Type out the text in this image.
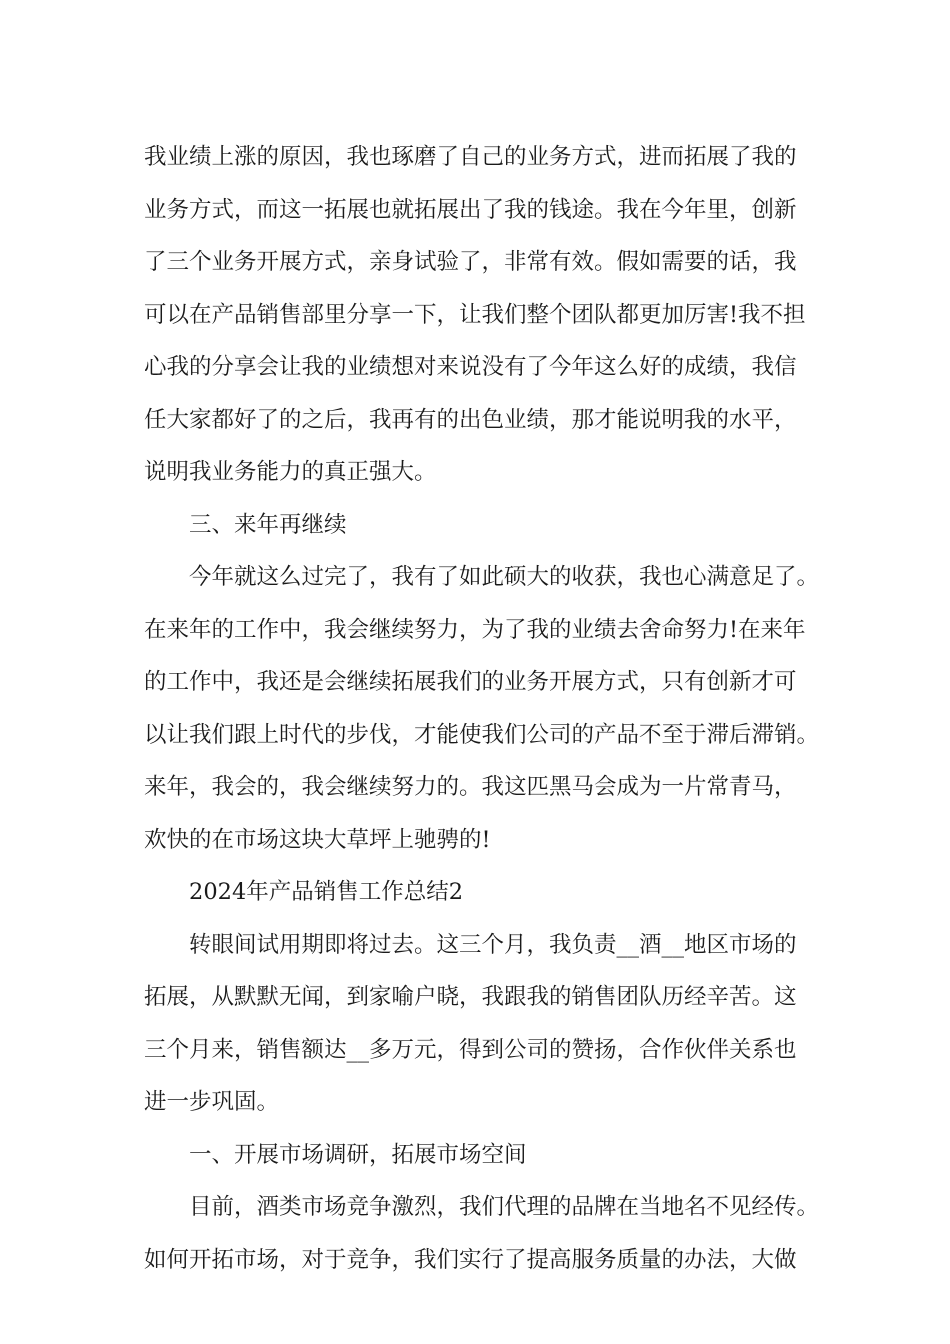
我业绩上涨的原因，我也琢磨了自己的业务方式，进而拓展了我的
业务方式，而这一拓展也就拓展出了我的钱途。我在今年里，创新
了三个业务开展方式，亲身试验了，非常有效。假如需要的话，我
可以在产品销售部里分享一下，让我们整个团队都更加厉害!我不担
心我的分享会让我的业绩想对来说没有了今年这么好的成绩，我信
任大家都好了的之后，我再有的出色业绩，那才能说明我的水平，
说明我业务能力的真正强大。
三、来年再继续
今年就这么过完了，我有了如此硕大的收获，我也心满意足了。
在来年的工作中，我会继续努力，为了我的业绩去舍命努力!在来年
的工作中，我还是会继续拓展我们的业务开展方式，只有创新才可
以让我们跟上时代的步伐，才能使我们公司的产品不至于滞后滞销。
来年，我会的，我会继续努力的。我这匹黑马会成为一片常青马，
欢快的在市场这块大草坪上驰骋的!
2024年产品销售工作总结2
转眼间试用期即将过去。这三个月，我负责__酒__地区市场的
拓展，从默默无闻，到家喻户晓，我跟我的销售团队历经辛苦。这
三个月来，销售额达__多万元，得到公司的赞扬，合作伙伴关系也
进一步巩固。
一、开展市场调研，拓展市场空间
目前，酒类市场竞争激烈，我们代理的品牌在当地名不见经传。
如何开拓市场，对于竞争，我们实行了提高服务质量的办法，大做
